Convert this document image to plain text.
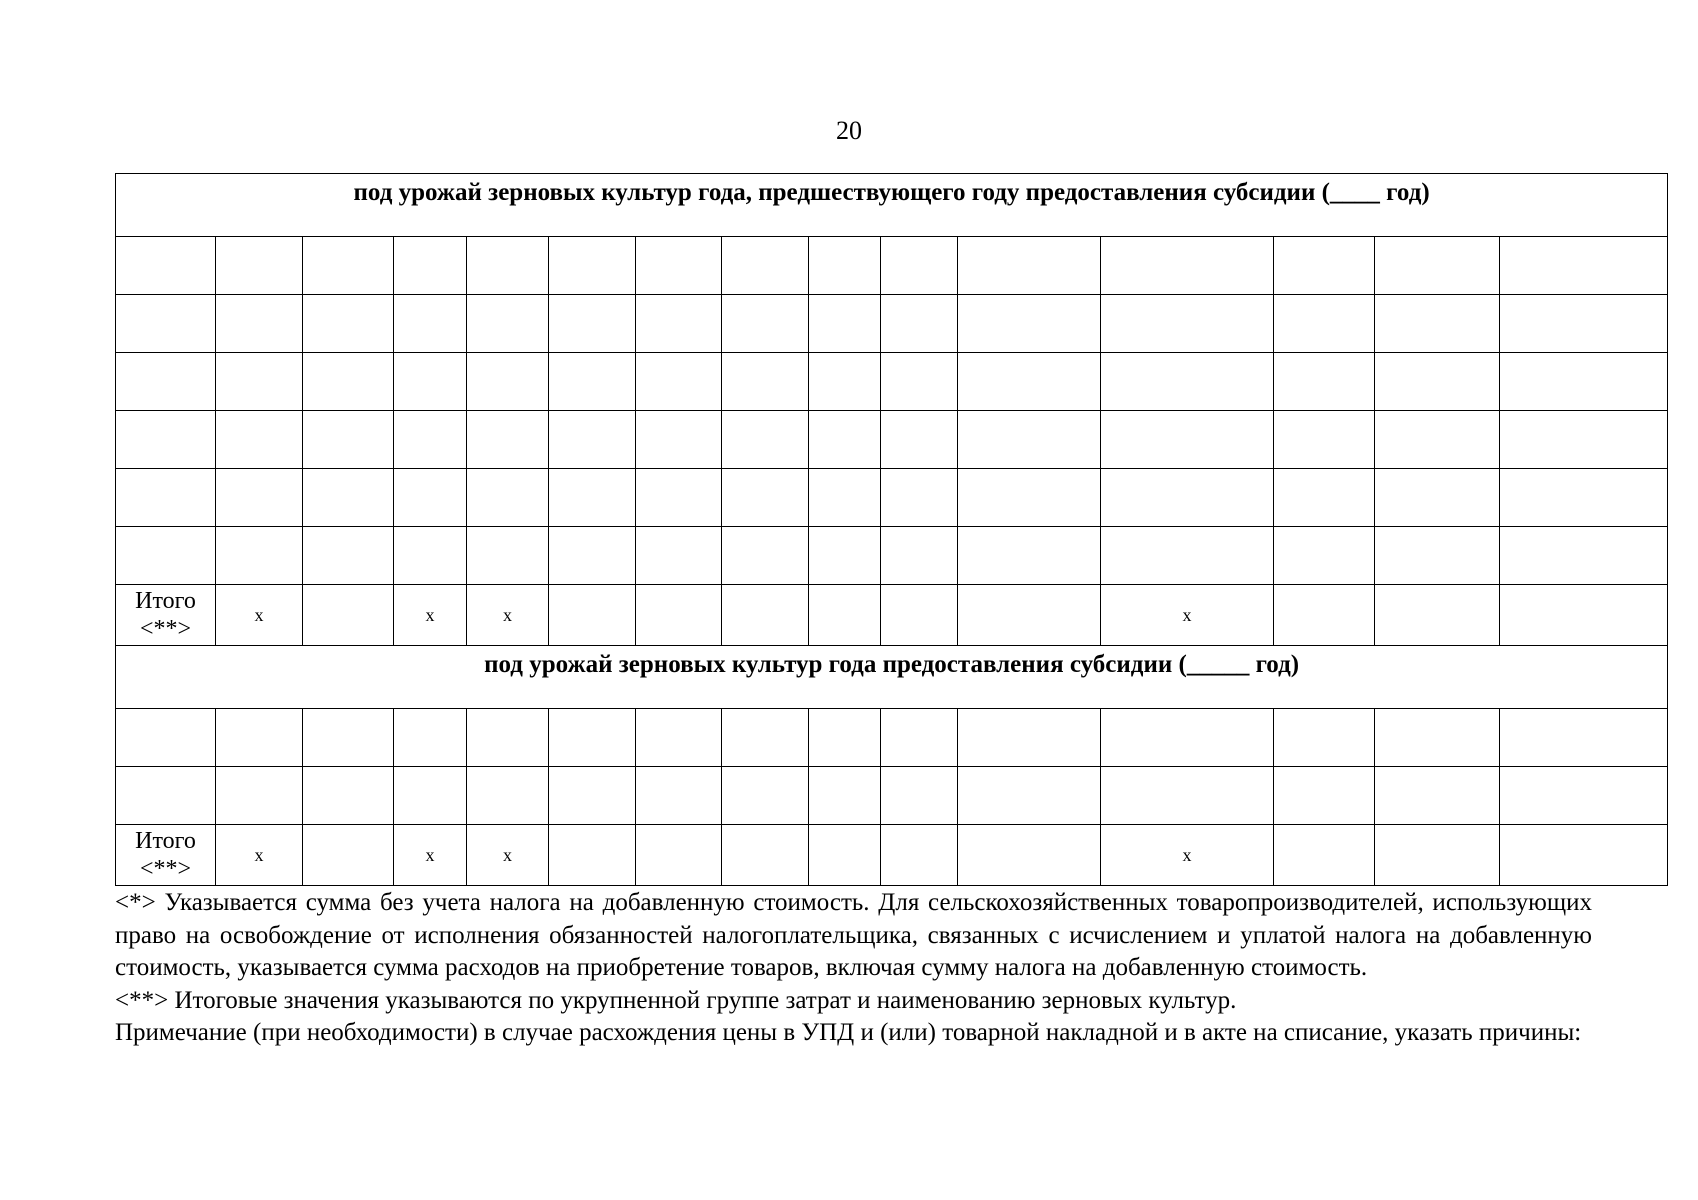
20
под урожай зерновых культур года, предшествующего году предоставления субсидии (____ год)														

Итого
<**>	x		x	x							x			
под урожай зерновых культур года предоставления субсидии (_____ год)														

Итого
<**>	x		x	x							x			

<*> Указывается сумма без учета налога на добавленную стоимость. Для сельскохозяйственных товаропроизводителей, использующих право на освобождение от исполнения обязанностей налогоплательщика, связанных с исчислением и уплатой налога на добавленную стоимость, указывается сумма расходов на приобретение товаров, включая сумму налога на добавленную стоимость.

<**> Итоговые значения указываются по укрупненной группе затрат и наименованию зерновых культур.

Примечание (при необходимости) в случае расхождения цены в УПД и (или) товарной накладной и в акте на списание, указать причины:
